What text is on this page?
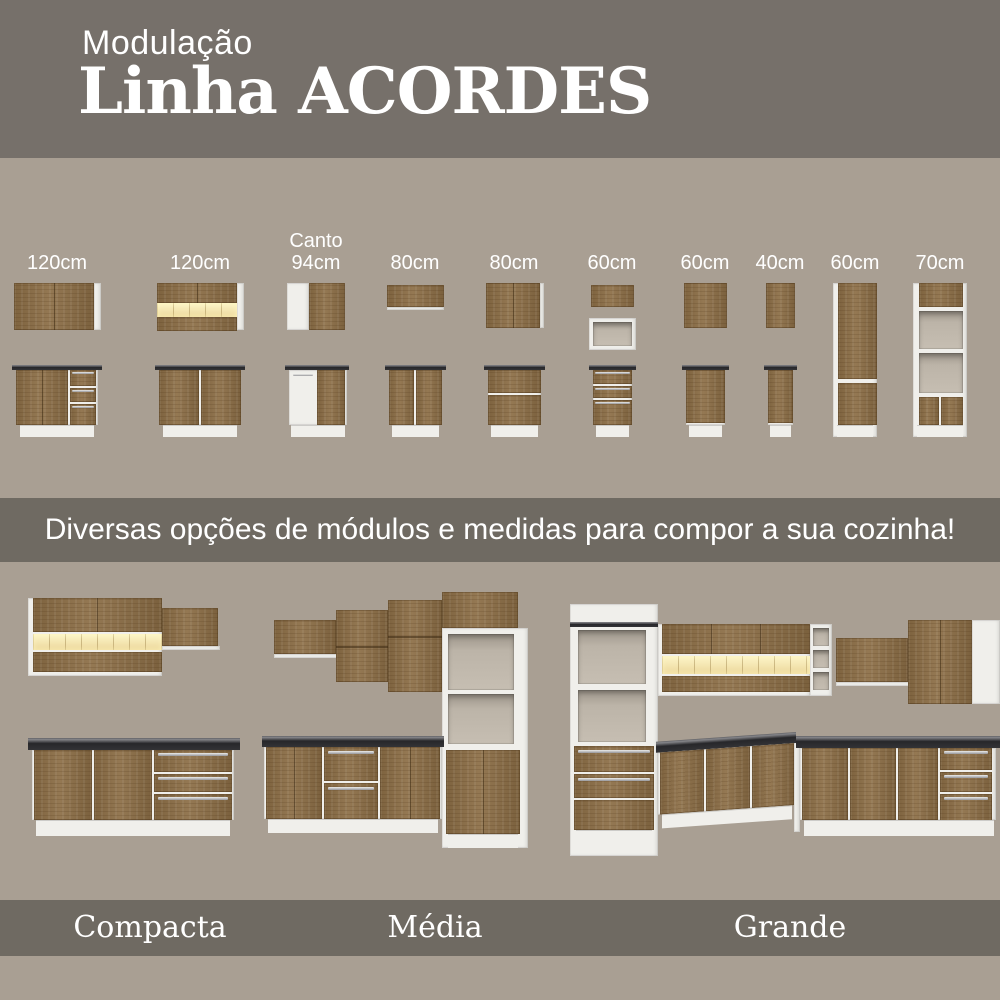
Modulação
Linha ACORDES
120cm	120cm
Canto
94cm	80cm	80cm 60cm 60cm 40cm 60cm 70cm
Diversas opções de módulos e medidas para compor a sua cozinha!
Compacta	Média	Grande
